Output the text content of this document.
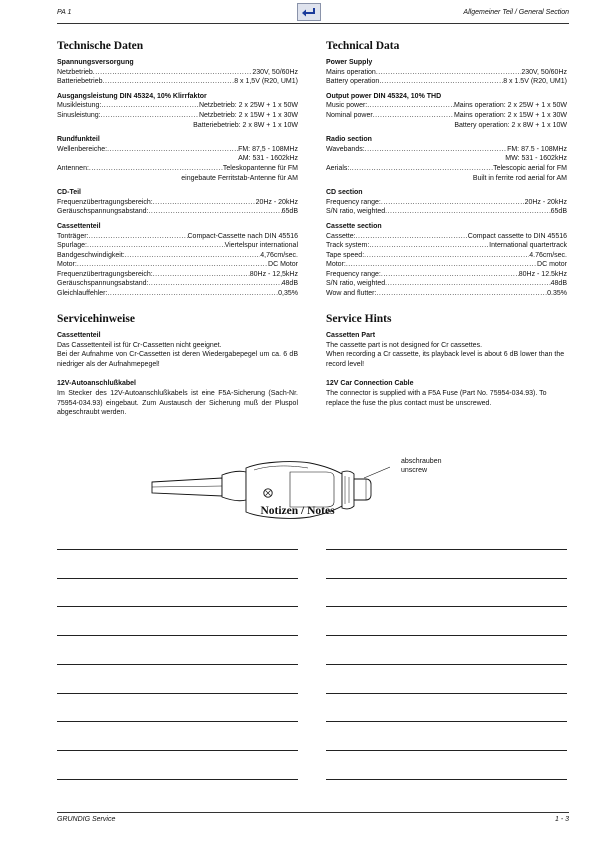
PA 1	Allgemeiner Teil / General Section
Technische Daten
Spannungsversorgung
Netzbetrieb .....	230V, 50/60Hz
Batteriebetrieb .....	8 x 1,5V (R20, UM1)
Ausgangsleistung DIN 45324, 10% Klirrfaktor
Musikleistung: .....	Netzbetrieb: 2 x 25W + 1 x 50W
Sinusleistung: .....	Netzbetrieb: 2 x 15W + 1 x 30W
Batteriebetrieb: 2 x 8W + 1 x 10W
Rundfunkteil
Wellenbereiche: .....	FM: 87,5 - 108MHz
AM: 531 - 1602kHz
Antennen: .....	Teleskopantenne für FM
eingebaute Ferritstab-Antenne für AM
CD-Teil
Frequenzübertragungsbereich: .....	20Hz - 20kHz
Geräuschspannungsabstand: .....	65dB
Cassettenteil
Tonträger: .....	Compact-Cassette nach DIN 45516
Spurlage: .....	Viertelspur international
Bandgeschwindigkeit: .....	4,76cm/sec.
Motor: .....	DC Motor
Frequenzübertragungsbereich: .....	80Hz - 12,5kHz
Geräuschspannungsabstand: .....	48dB
Gleichlauffehler: .....	0,35%
Technical Data
Power Supply
Mains operation .....	230V, 50/60Hz
Battery operation .....	8 x 1.5V (R20, UM1)
Output power DIN 45324, 10% THD
Music power: .....	Mains operation: 2 x 25W + 1 x 50W
Nominal power .....	Mains operation: 2 x 15W + 1 x 30W
Battery operation: 2 x 8W + 1 x 10W
Radio section
Wavebands: .....	FM: 87.5 - 108MHz
MW: 531 - 1602kHz
Aerials: .....	Telescopic aerial for FM
Built in ferrite rod aerial for AM
CD section
Frequency range: .....	20Hz - 20kHz
S/N ratio, weighted .....	65dB
Cassette section
Cassette: .....	Compact cassette to DIN 45516
Track system: .....	International quartertrack
Tape speed: .....	4.76cm/sec.
Motor: .....	DC motor
Frequency range: .....	80Hz - 12.5kHz
S/N ratio, weighted .....	48dB
Wow and flutter: .....	0.35%
Servicehinweise
Cassettenteil

Das Cassettenteil ist für Cr-Cassetten nicht geeignet.

Bei der Aufnahme von Cr-Cassetten ist deren Wiedergabepegel um ca. 6 dB niedriger als der Aufnahmepegel!

12V-Autoanschlußkabel

Im Stecker des 12V-Autoanschlußkabels ist eine F5A-Sicherung (Sach-Nr. 75954-034.93) eingebaut. Zum Austausch der Sicherung muß der Pluspol abgeschraubt werden.

Service Hints
Cassetten Part

The cassette part is not designed for Cr cassettes.

When recording a Cr cassette, its playback level is about 6 dB lower than the record level!

12V Car Connection Cable

The connector is supplied with a F5A Fuse (Part No. 75954-034.93). To replace the fuse the plus contact must be unscrewed.

abschrauben
unscrew
Notizen / Notes
GRUNDIG Service	1 - 3
